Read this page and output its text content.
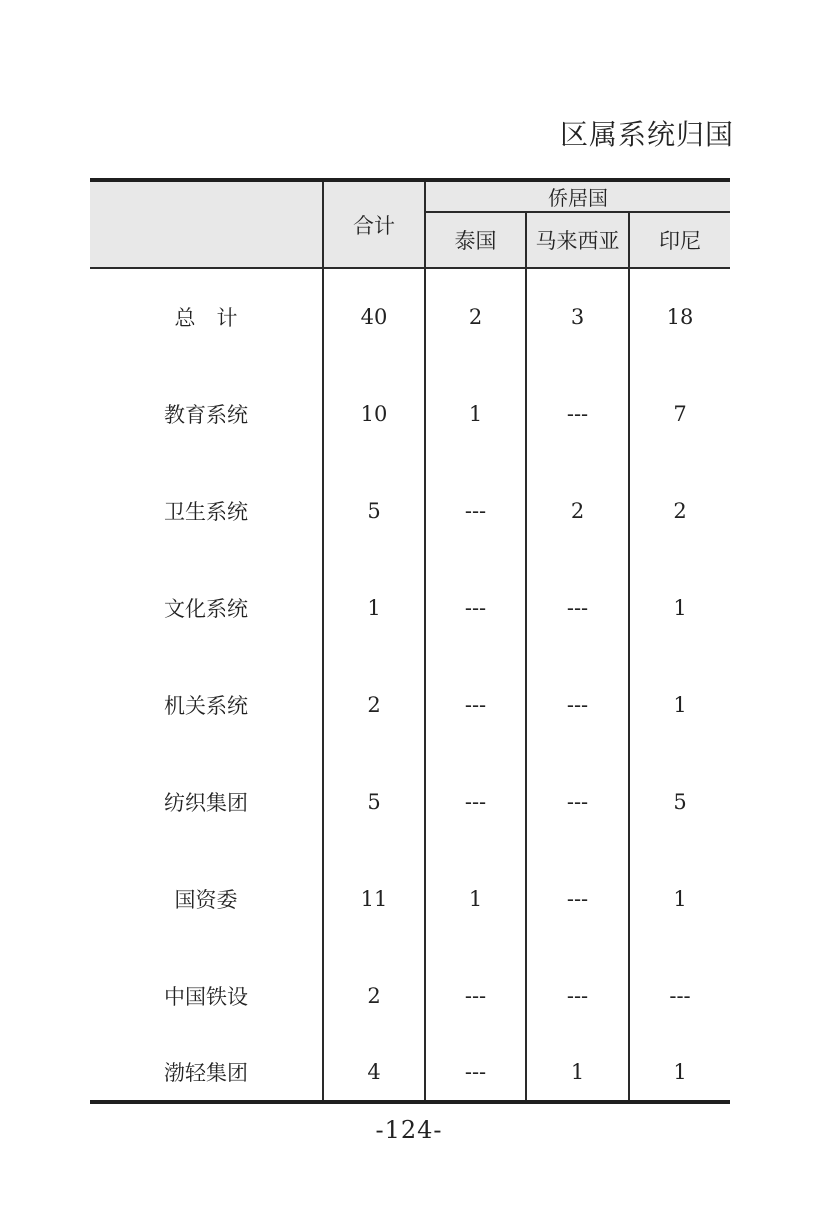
区属系统归国
	合计	侨居国		
		泰国	马来西亚	印尼
总　计	40	2	3	18
教育系统	10	1	---	7
卫生系统	5	---	2	2
文化系统	1	---	---	1
机关系统	2	---	---	1
纺织集团	5	---	---	5
国资委	11	1	---	1
中国铁设	2	---	---	---
渤轻集团	4	---	1	1
-124-
